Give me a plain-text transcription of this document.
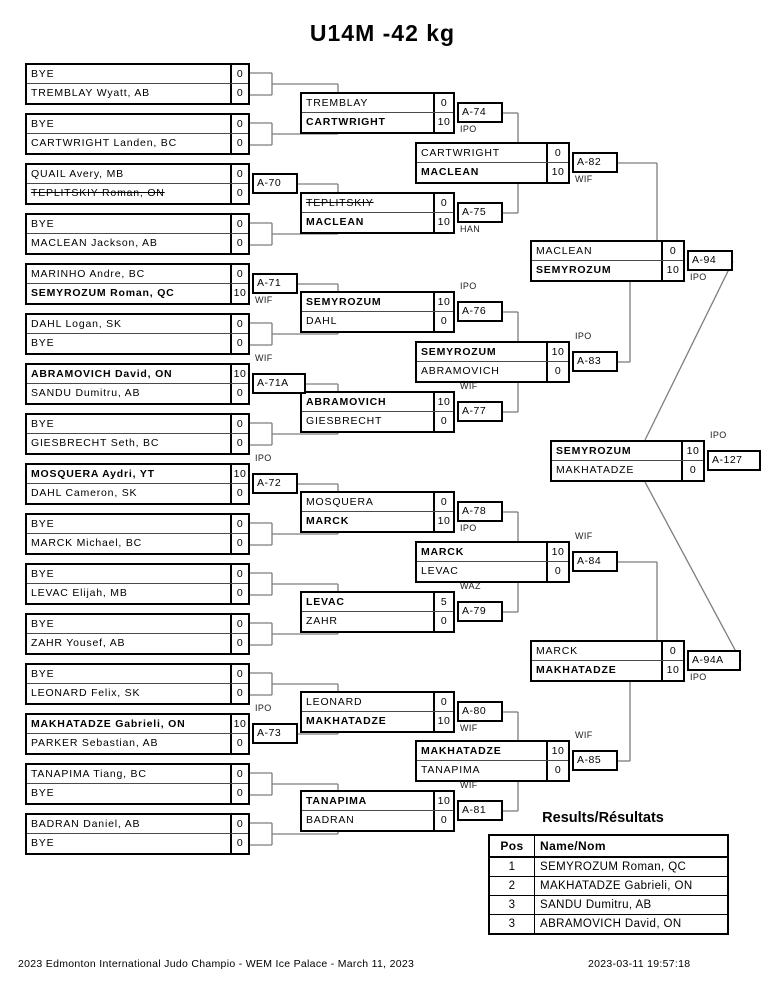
U14M -42 kg
BYE	0
TREMBLAY Wyatt, AB	0
BYE	0
CARTWRIGHT Landen, BC	0
QUAIL Avery, MB	0
TEPLITSKIY Roman, ON	0
A-70
BYE	0
MACLEAN Jackson, AB	0
MARINHO Andre, BC	0
SEMYROZUM Roman, QC	10
A-71
WIF
DAHL Logan, SK	0
BYE	0
ABRAMOVICH David, ON	10
SANDU Dumitru, AB	0
A-71A
WIF
BYE	0
GIESBRECHT Seth, BC	0
MOSQUERA Aydri, YT	10
DAHL Cameron, SK	0
A-72
IPO
BYE	0
MARCK Michael, BC	0
BYE	0
LEVAC Elijah, MB	0
BYE	0
ZAHR Yousef, AB	0
BYE	0
LEONARD Felix, SK	0
MAKHATADZE Gabrieli, ON	10
PARKER Sebastian, AB	0
A-73
IPO
TANAPIMA Tiang, BC	0
BYE	0
BADRAN Daniel, AB	0
BYE	0
TREMBLAY	0
CARTWRIGHT	10
A-74
IPO
TEPLITSKIY	0
MACLEAN	10
A-75
HAN
SEMYROZUM	10
DAHL	0
A-76
IPO
ABRAMOVICH	10
GIESBRECHT	0
A-77
WIF
MOSQUERA	0
MARCK	10
A-78
IPO
LEVAC	5
ZAHR	0
A-79
WAZ
LEONARD	0
MAKHATADZE	10
A-80
WIF
TANAPIMA	10
BADRAN	0
A-81
WIF
CARTWRIGHT	0
MACLEAN	10
A-82
WIF
SEMYROZUM	10
ABRAMOVICH	0
A-83
IPO
MARCK	10
LEVAC	0
A-84
WIF
MAKHATADZE	10
TANAPIMA	0
A-85
WIF
MACLEAN	0
SEMYROZUM	10
A-94
IPO
MARCK	0
MAKHATADZE	10
A-94A
IPO
SEMYROZUM	10
MAKHATADZE	0
A-127
IPO
Results/Résultats
Pos	Name/Nom
1	SEMYROZUM Roman, QC
2	MAKHATADZE Gabrieli, ON
3	SANDU Dumitru, AB
3	ABRAMOVICH David, ON
2023 Edmonton International Judo Champio - WEM Ice Palace - March 11, 2023	2023-03-11 19:57:18
